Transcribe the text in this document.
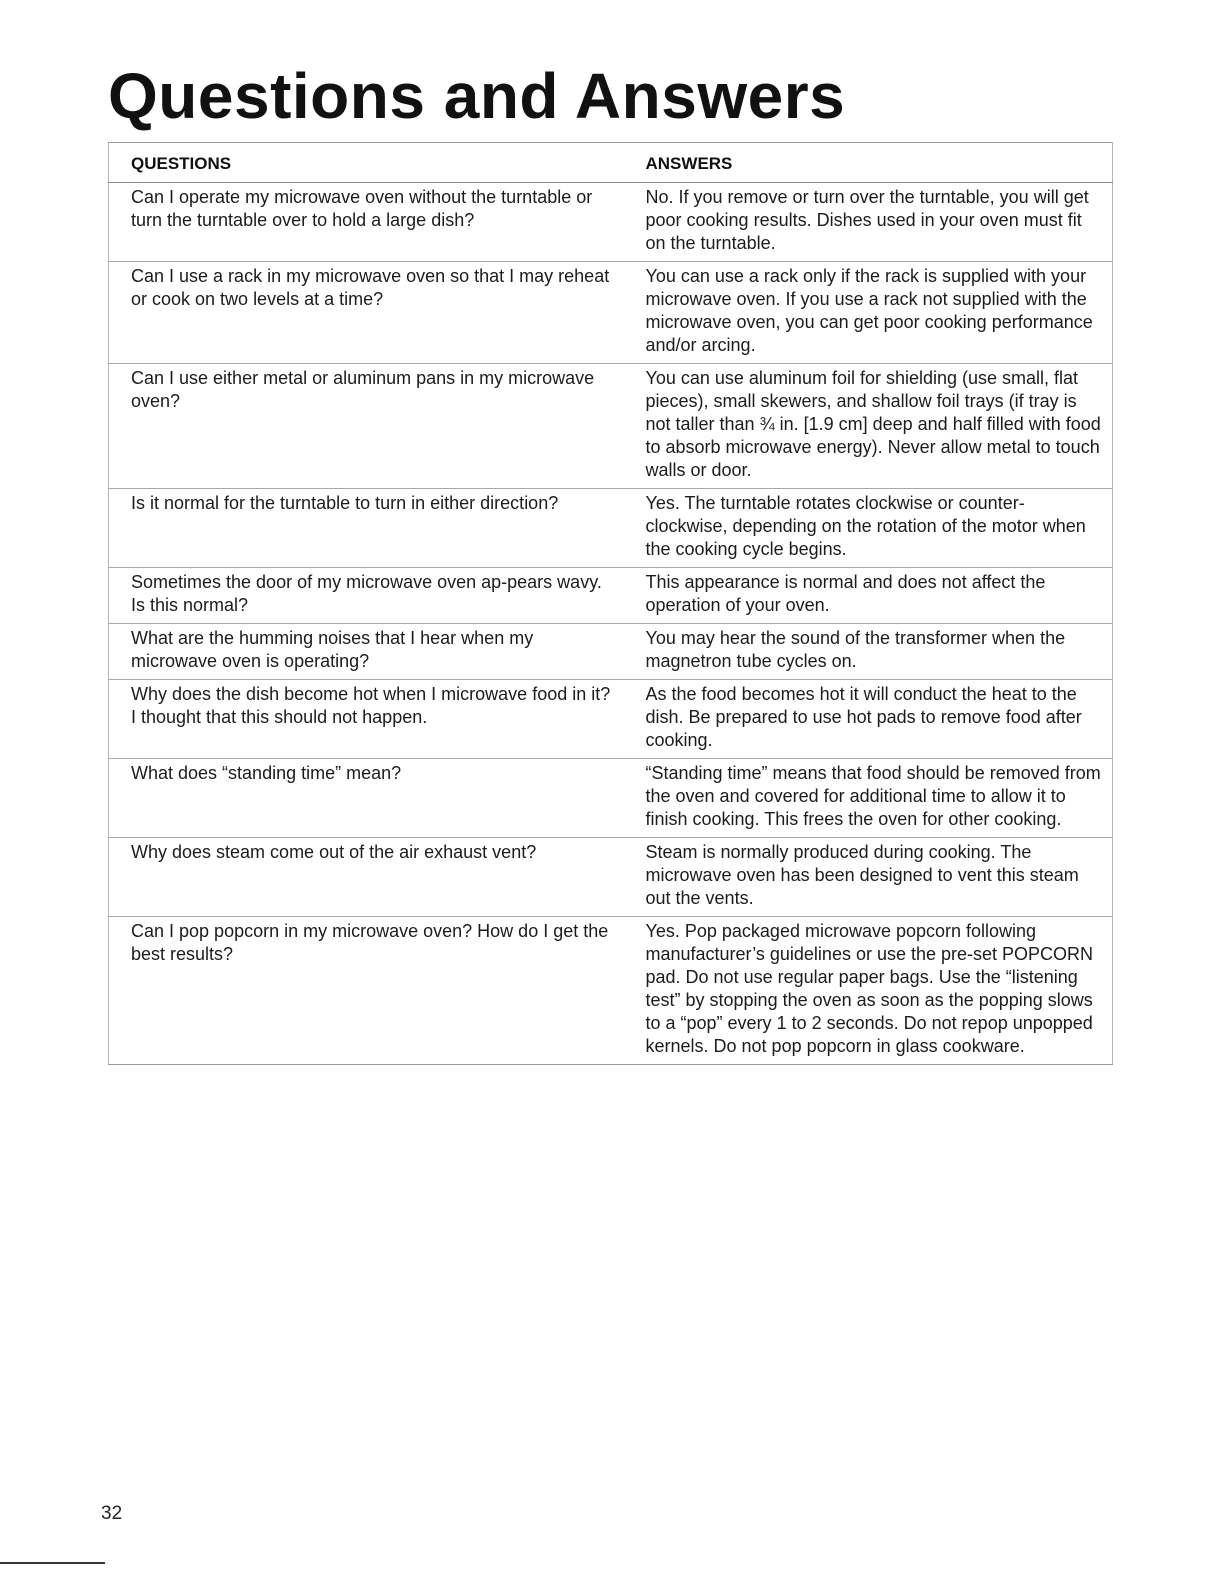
Questions and Answers
QUESTIONS	ANSWERS
Can I operate my microwave oven without the turntable or turn the turntable over to hold a large dish?	No. If you remove or turn over the turntable, you will get poor cooking results. Dishes used in your oven must fit on the turntable.
Can I use a rack in my microwave oven so that I may reheat or cook on two levels at a time?	You can use a rack only if the rack is supplied with your microwave oven. If you use a rack not supplied with the microwave oven, you can get poor cooking performance and/or arcing.
Can I use either metal or aluminum pans in my microwave oven?	You can use aluminum foil for shielding (use small, flat pieces), small skewers, and shallow foil trays (if tray is not taller than ¾ in. [1.9 cm] deep and half filled with food to absorb microwave energy). Never allow metal to touch walls or door.
Is it normal for the turntable to turn in either direction?	Yes. The turntable rotates clockwise or counter-clockwise, depending on the rotation of the motor when the cooking cycle begins.
Sometimes the door of my microwave oven ap-pears wavy. Is this normal?	This appearance is normal and does not affect the operation of your oven.
What are the humming noises that I hear when my microwave oven is operating?	You may hear the sound of the transformer when the magnetron tube cycles on.
Why does the dish become hot when I microwave food in it? I thought that this should not happen.	As the food becomes hot it will conduct the heat to the dish. Be prepared to use hot pads to remove food after cooking.
What does “standing time” mean?	“Standing time” means that food should be removed from the oven and covered for additional time to allow it to finish cooking. This frees the oven for other cooking.
Why does steam come out of the air exhaust vent?	Steam is normally produced during cooking. The microwave oven has been designed to vent this steam out the vents.
Can I pop popcorn in my microwave oven? How do I get the best results?	Yes. Pop packaged microwave popcorn following manufacturer’s guidelines or use the pre-set POPCORN pad. Do not use regular paper bags. Use the “listening test” by stopping the oven as soon as the popping slows to a “pop” every 1 to 2 seconds. Do not repop unpopped kernels. Do not pop popcorn in glass cookware.
32
